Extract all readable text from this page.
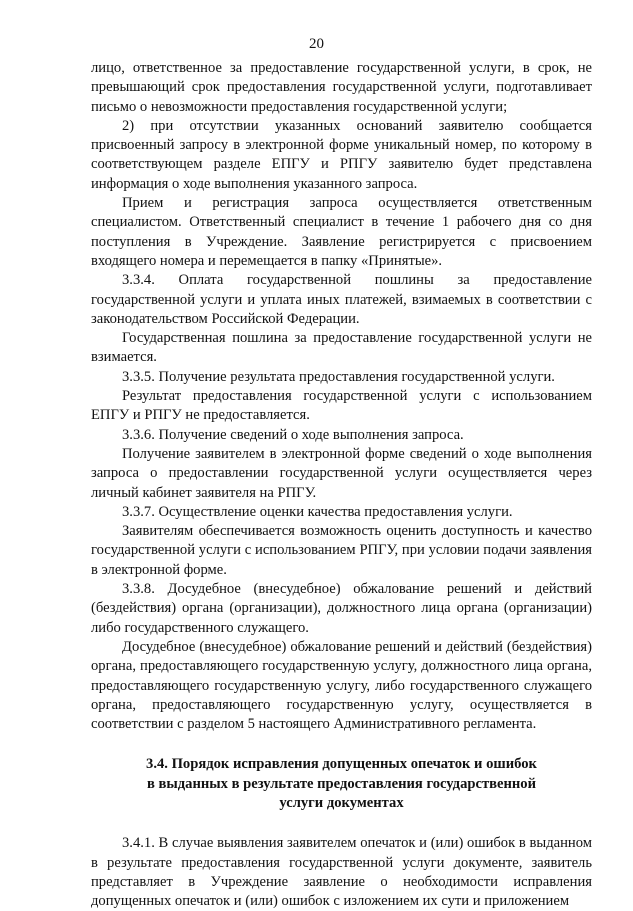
20

лицо, ответственное за предоставление государственной услуги, в срок, не превышающий срок предоставления государственной услуги, подготавливает письмо о невозможности предоставления государственной услуги;

2) при отсутствии указанных оснований заявителю сообщается присвоенный запросу в электронной форме уникальный номер, по которому в соответствующем разделе ЕПГУ и РПГУ заявителю будет представлена информация о ходе выполнения указанного запроса.

Прием и регистрация запроса осуществляется ответственным специалистом. Ответственный специалист в течение 1 рабочего дня со дня поступления в Учреждение. Заявление регистрируется с присвоением входящего номера и перемещается в папку «Принятые».

3.3.4. Оплата государственной пошлины за предоставление государственной услуги и уплата иных платежей, взимаемых в соответствии с законодательством Российской Федерации.

Государственная пошлина за предоставление государственной услуги не взимается.

3.3.5. Получение результата предоставления государственной услуги.

Результат предоставления государственной услуги с использованием ЕПГУ и РПГУ не предоставляется.

3.3.6. Получение сведений о ходе выполнения запроса.

Получение заявителем в электронной форме сведений о ходе выполнения запроса о предоставлении государственной услуги осуществляется через личный кабинет заявителя на РПГУ.

3.3.7. Осуществление оценки качества предоставления услуги.

Заявителям обеспечивается возможность оценить доступность и качество государственной услуги с использованием РПГУ, при условии подачи заявления в электронной форме.

3.3.8. Досудебное (внесудебное) обжалование решений и действий (бездействия) органа (организации), должностного лица органа (организации) либо государственного служащего.

Досудебное (внесудебное) обжалование решений и действий (бездействия) органа, предоставляющего государственную услугу, должностного лица органа, предоставляющего государственную услугу, либо государственного служащего органа, предоставляющего государственную услугу, осуществляется в соответствии с разделом 5 настоящего Административного регламента.

3.4. Порядок исправления допущенных опечаток и ошибок
в выданных в результате предоставления государственной
услуги документах

3.4.1. В случае выявления заявителем опечаток и (или) ошибок в выданном в результате предоставления государственной услуги документе, заявитель представляет в Учреждение заявление о необходимости исправления допущенных опечаток и (или) ошибок с изложением их сути и приложением
